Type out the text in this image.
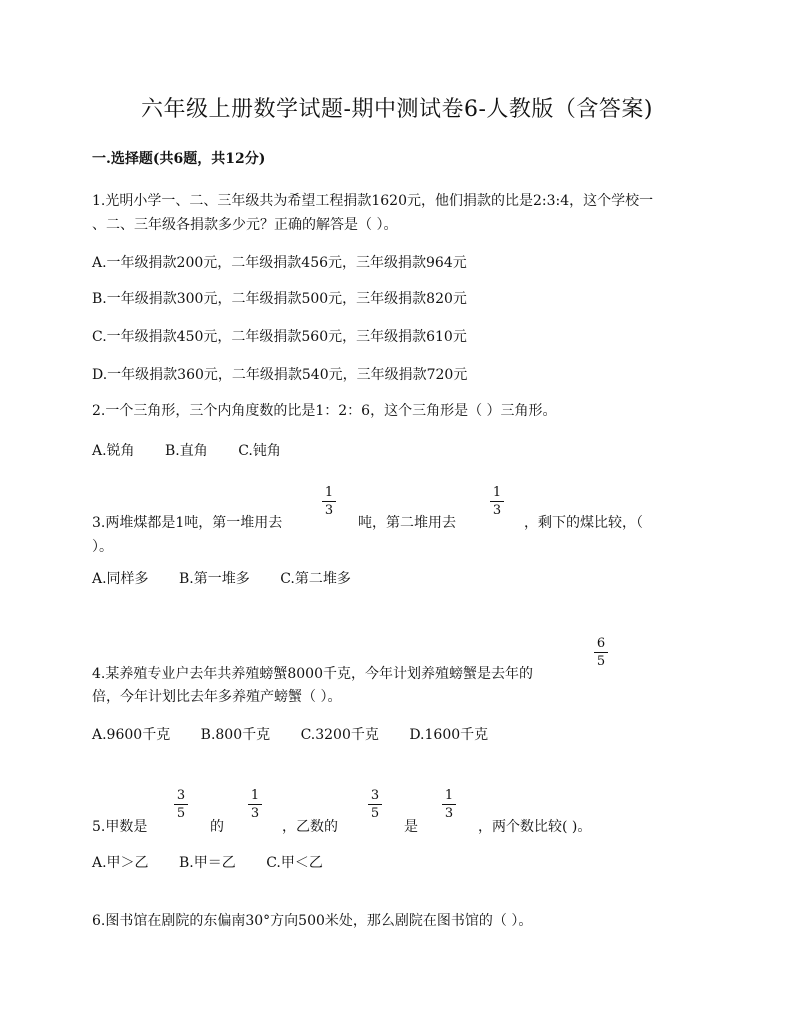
六年级上册数学试题-期中测试卷6-人教版（含答案)
一.选择题(共6题，共12分)
1.光明小学一、二、三年级共为希望工程捐款1620元，他们捐款的比是2:3:4，这个学校一
、二、三年级各捐款多少元？正确的解答是（ ）。
A.一年级捐款200元，二年级捐款456元，三年级捐款964元
B.一年级捐款300元，二年级捐款500元，三年级捐款820元
C.一年级捐款450元，二年级捐款560元，三年级捐款610元
D.一年级捐款360元，二年级捐款540元，三年级捐款720元
2.一个三角形，三个内角度数的比是1：2：6，这个三角形是（ ）三角形。
A.锐角 B.直角 C.钝角
3.两堆煤都是1吨，第一堆用去
1
3
吨，第二堆用去
1
3
，剩下的煤比较，（
）。
A.同样多 B.第一堆多 C.第二堆多
6
5
4.某养殖专业户去年共养殖螃蟹8000千克，今年计划养殖螃蟹是去年的
倍，今年计划比去年多养殖产螃蟹（ ）。
A.9600千克 B.800千克 C.3200千克 D.1600千克
5.甲数是
3
5
的
1
3
，乙数的
3
5
是
1
3
，两个数比较( )。
A.甲＞乙 B.甲＝乙 C.甲＜乙
6.图书馆在剧院的东偏南30°方向500米处，那么剧院在图书馆的（ ）。
